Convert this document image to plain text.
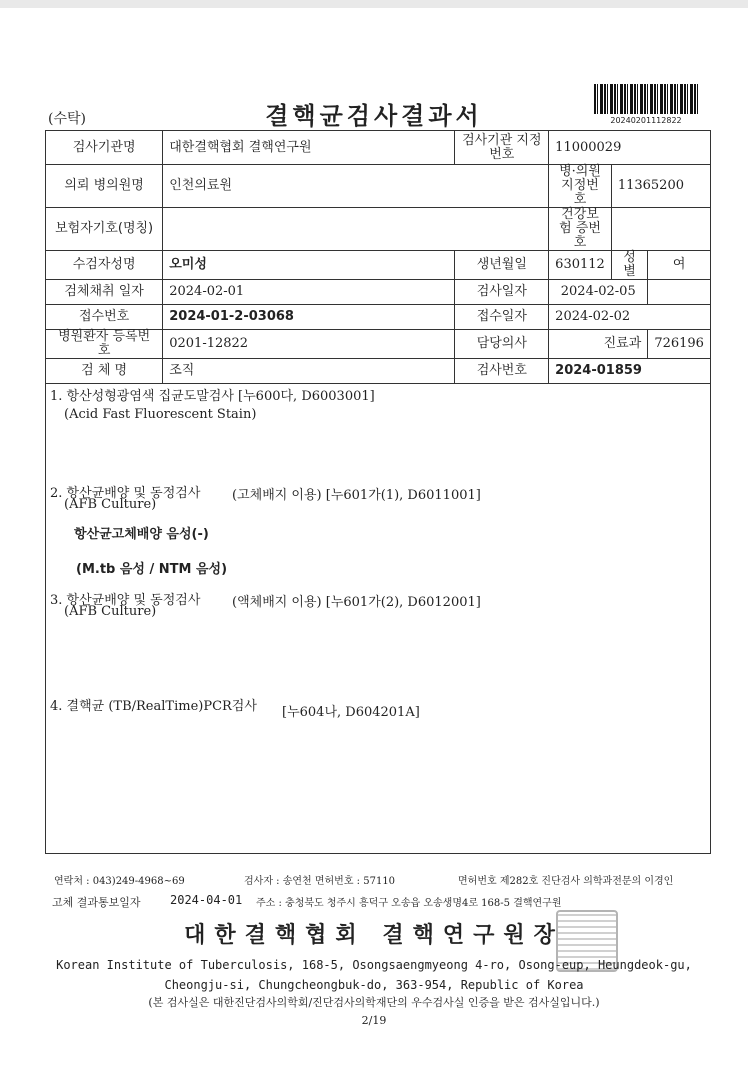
(수탁)	결핵균검사결과서	20240201112822
검사기관명	대한결핵협회 결핵연구원	검사기관 지정번호	11000029		
의뢰 병의원명	인천의료원		병·의원 지정번호	11365200	
보험자기호(명칭)			건강보험 증번호		
수검자성명	오미성	생년월일	630112	성별	여
검체채취 일자	2024-02-01	검사일자	2024-02-05		
접수번호	2024-01-2-03068	접수일자	2024-02-02		
병원환자 등록번호	0201-12822	담당의사	진료과		726196
검 체 명	조직	검사번호	2024-01859		
1. 항산성형광염색 집균도말검사 [누600다, D6003001]
(Acid Fast Fluorescent Stain)
2. 항산균배양 및 동정검사 (고체배지 이용) [누601가(1), D6011001]
(AFB Culture)
항산균고체배양 음성(-)
(M.tb 음성 / NTM 음성)
3. 항산균배양 및 동정검사 (액체배지 이용) [누601가(2), D6012001]
(AFB Culture)
4. 결핵균 (TB/RealTime)PCR검사 [누604나, D604201A]
연락처 : 043)249-4968~69	검사자 : 송연천 면허번호 : 57110	면허번호 제282호 진단검사 의학과전문의 이경인
고체 결과통보일자 2024-04-01 주소 : 충청북도 청주시 흥덕구 오송읍 오송생명4로 168-5 결핵연구원
대한결핵협회 결핵연구원장
Korean Institute of Tuberculosis, 168-5, Osongsaengmyeong 4-ro, Osong-eup, Heungdeok-gu,
Cheongju-si, Chungcheongbuk-do, 363-954, Republic of Korea
(본 검사실은 대한진단검사의학회/진단검사의학재단의 우수검사실 인증을 받은 검사실입니다.)
2/19
